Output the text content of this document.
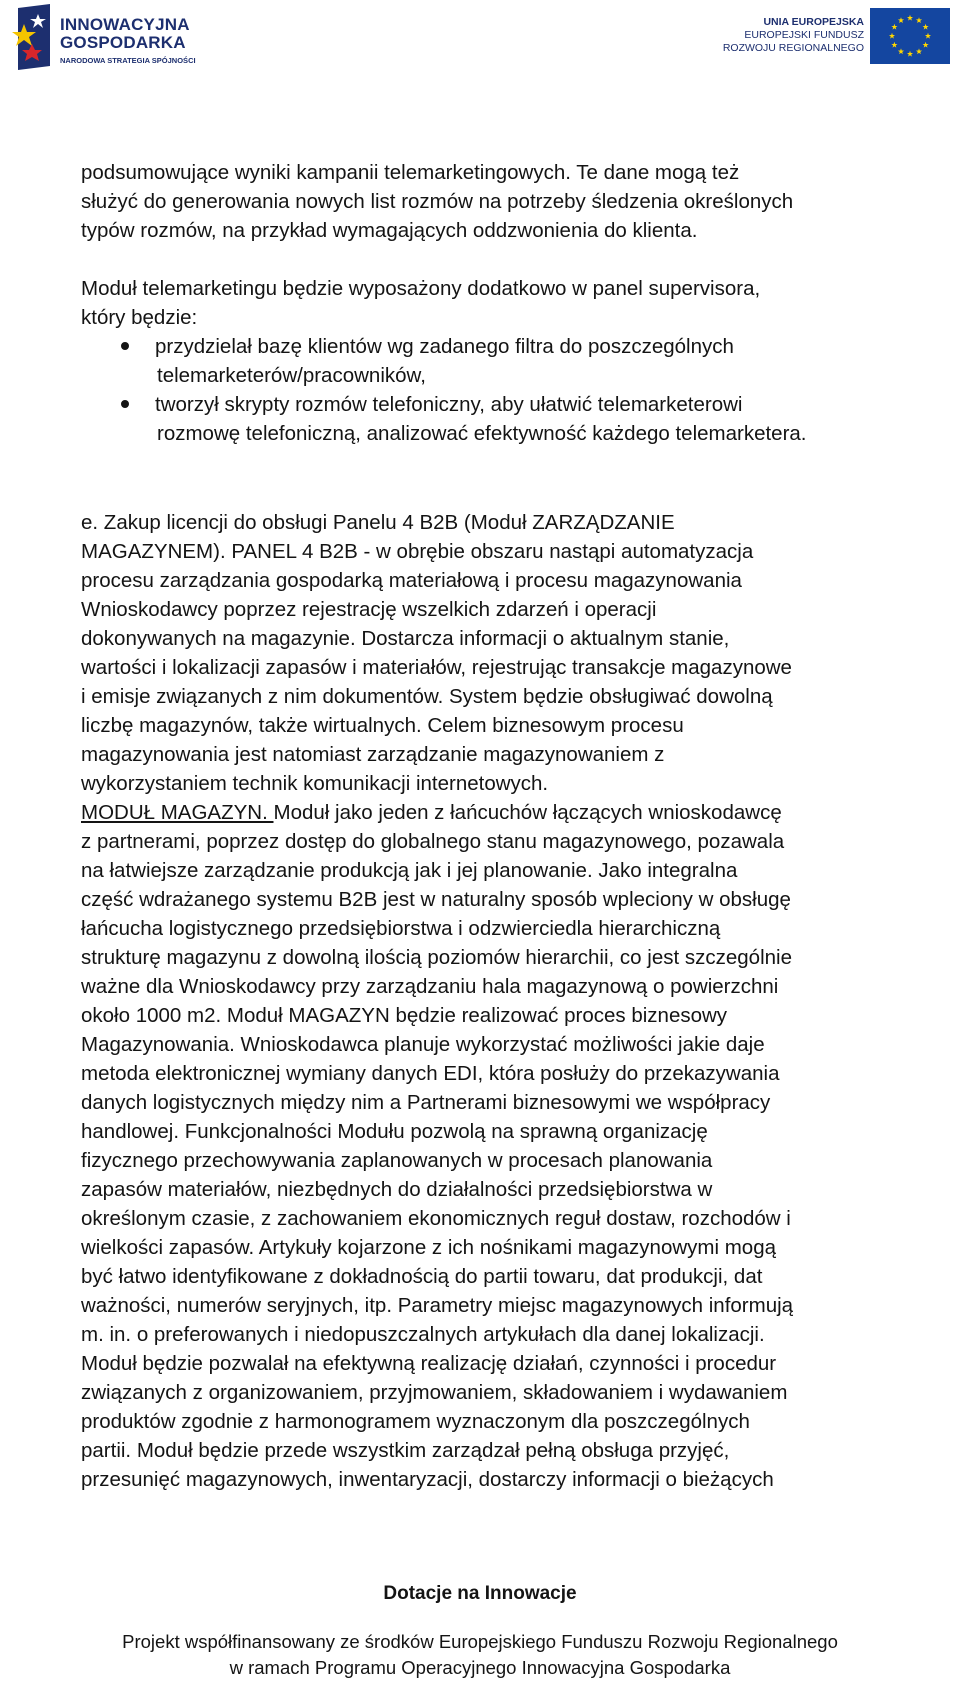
INNOWACYJNA
GOSPODARKA
NARODOWA STRATEGIA SPÓJNOŚCI
UNIA EUROPEJSKA
EUROPEJSKI FUNDUSZ
ROZWOJU REGIONALNEGO
podsumowujące wyniki kampanii telemarketingowych. Te dane mogą też
służyć do generowania nowych list rozmów na potrzeby śledzenia określonych
typów rozmów, na przykład wymagających oddzwonienia do klienta.
Moduł telemarketingu będzie wyposażony dodatkowo w panel supervisora,
który będzie:
przydzielał bazę klientów wg zadanego filtra do poszczególnych
telemarketerów/pracowników,
tworzył skrypty rozmów telefoniczny, aby ułatwić telemarketerowi
rozmowę telefoniczną, analizować efektywność każdego telemarketera.
e. Zakup licencji do obsługi Panelu 4 B2B (Moduł ZARZĄDZANIE
MAGAZYNEM). PANEL 4 B2B - w obrębie obszaru nastąpi automatyzacja
procesu zarządzania gospodarką materiałową i procesu magazynowania
Wnioskodawcy poprzez rejestrację wszelkich zdarzeń i operacji
dokonywanych na magazynie. Dostarcza informacji o aktualnym stanie,
wartości i lokalizacji zapasów i materiałów, rejestrując transakcje magazynowe
i emisje związanych z nim dokumentów. System będzie obsługiwać dowolną
liczbę magazynów, także wirtualnych. Celem biznesowym procesu
magazynowania jest natomiast zarządzanie magazynowaniem z
wykorzystaniem technik komunikacji internetowych.
MODUŁ MAGAZYN. Moduł jako jeden z łańcuchów łączących wnioskodawcę
z partnerami, poprzez dostęp do globalnego stanu magazynowego, pozawala
na łatwiejsze zarządzanie produkcją jak i jej planowanie. Jako integralna
część wdrażanego systemu B2B jest w naturalny sposób wpleciony w obsługę
łańcucha logistycznego przedsiębiorstwa i odzwierciedla hierarchiczną
strukturę magazynu z dowolną ilością poziomów hierarchii, co jest szczególnie
ważne dla Wnioskodawcy przy zarządzaniu hala magazynową o powierzchni
około 1000 m2. Moduł MAGAZYN będzie realizować proces biznesowy
Magazynowania. Wnioskodawca planuje wykorzystać możliwości jakie daje
metoda elektronicznej wymiany danych EDI, która posłuży do przekazywania
danych logistycznych między nim a Partnerami biznesowymi we współpracy
handlowej. Funkcjonalności Modułu pozwolą na sprawną organizację
fizycznego przechowywania zaplanowanych w procesach planowania
zapasów materiałów, niezbędnych do działalności przedsiębiorstwa w
określonym czasie, z zachowaniem ekonomicznych reguł dostaw, rozchodów i
wielkości zapasów. Artykuły kojarzone z ich nośnikami magazynowymi mogą
być łatwo identyfikowane z dokładnością do partii towaru, dat produkcji, dat
ważności, numerów seryjnych, itp. Parametry miejsc magazynowych informują
m. in. o preferowanych i niedopuszczalnych artykułach dla danej lokalizacji.
Moduł będzie pozwalał na efektywną realizację działań, czynności i procedur
związanych z organizowaniem, przyjmowaniem, składowaniem i wydawaniem
produktów zgodnie z harmonogramem wyznaczonym dla poszczególnych
partii. Moduł będzie przede wszystkim zarządzał pełną obsługa przyjęć,
przesunięć magazynowych, inwentaryzacji, dostarczy informacji o bieżących
Dotacje na Innowacje
Projekt współfinansowany ze środków Europejskiego Funduszu Rozwoju Regionalnego
w ramach Programu Operacyjnego Innowacyjna Gospodarka
